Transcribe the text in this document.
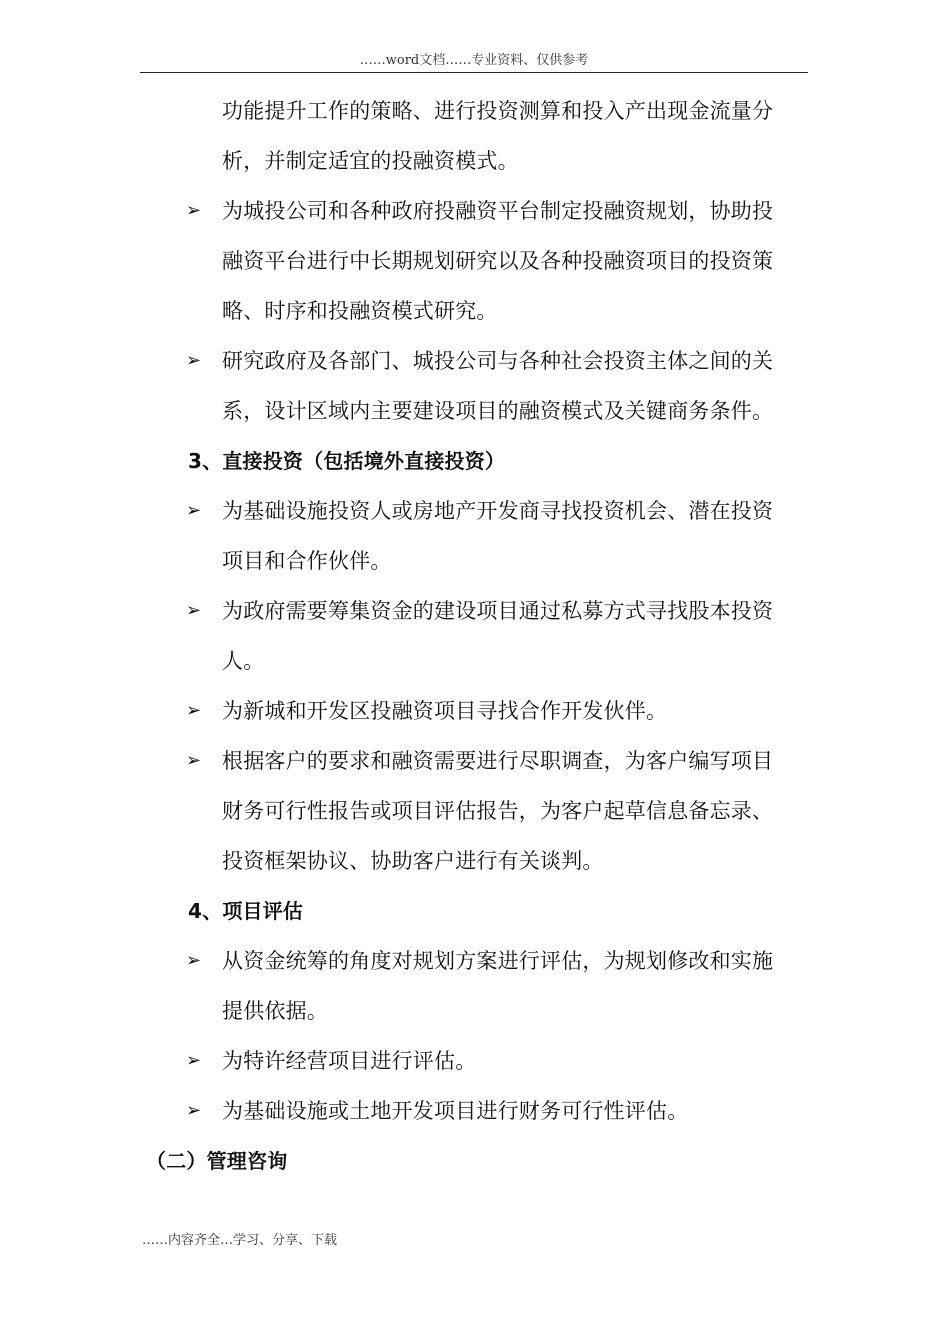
……word文档……专业资料、仅供参考
功能提升工作的策略、进行投资测算和投入产出现金流量分
析，并制定适宜的投融资模式。
➢ 为城投公司和各种政府投融资平台制定投融资规划，协助投
融资平台进行中长期规划研究以及各种投融资项目的投资策
略、时序和投融资模式研究。
➢ 研究政府及各部门、城投公司与各种社会投资主体之间的关
系，设计区域内主要建设项目的融资模式及关键商务条件。
3、直接投资（包括境外直接投资）
➢ 为基础设施投资人或房地产开发商寻找投资机会、潜在投资
项目和合作伙伴。
➢ 为政府需要筹集资金的建设项目通过私募方式寻找股本投资
人。
➢ 为新城和开发区投融资项目寻找合作开发伙伴。
➢ 根据客户的要求和融资需要进行尽职调查，为客户编写项目
财务可行性报告或项目评估报告，为客户起草信息备忘录、
投资框架协议、协助客户进行有关谈判。
4、项目评估
➢ 从资金统筹的角度对规划方案进行评估，为规划修改和实施
提供依据。
➢ 为特许经营项目进行评估。
➢ 为基础设施或土地开发项目进行财务可行性评估。
（二）管理咨询
……内容齐全…学习、分享、下载
